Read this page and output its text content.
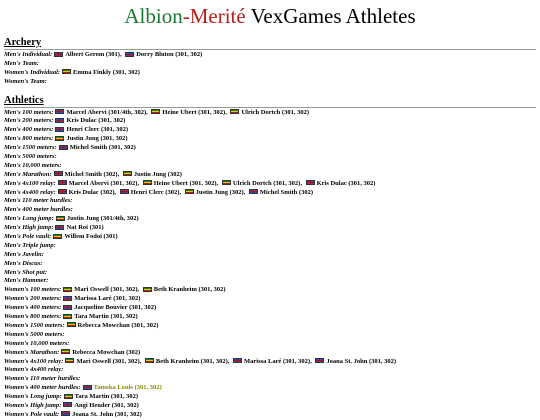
Albion-Merité VexGames Athletes
Archery
Men's Individual: Albert Gerom (301), Dorry Bluton (301, 302)
Men's Team:
Women's Individual: Emma Finkly (301, 302)
Women's Team:
Athletics
Men's 100 meters: Marcel Abervi (301/4th, 302), Heine Ubert (301, 302), Ulrich Dortch (301, 302)
Men's 200 meters: Kris Dulac (301, 302)
Men's 400 meters: Henri Clerc (301, 302)
Men's 800 meters: Justin Jung (301, 302)
Men's 1500 meters: Michel Smith (301, 302)
Men's 5000 meters:
Men's 10,000 meters:
Men's Marathon: Michel Smith (302), Justin Jung (302)
Men's 4x100 relay: Marcel Abervi (301, 302), Heine Ubert (301, 302), Ulrich Dortch (301, 302), Kris Dulac (301, 302)
Men's 4x400 relay: Kris Dulac (302), Henri Clerc (302), Justin Jung (302), Michel Smith (302)
Men's 110 meter hurdles:
Men's 400 meter hurdles:
Men's Long jump: Justin Jung (301/4th, 302)
Men's High jump: Nat Roi (301)
Men's Pole vault: Willem Fodoi (301)
Men's Triple jump:
Men's Javelin:
Men's Discus:
Men's Shot put:
Men's Hammer:
Women's 100 meters: Mari Oswell (301, 302), Beth Kranheim (301, 302)
Women's 200 meters: Marissa Laré (301, 302)
Women's 400 meters: Jacqueline Bouvier (301, 302)
Women's 800 meters: Tara Martin (301, 302)
Women's 1500 meters: Rebecca Mowchan (301, 302)
Women's 5000 meters:
Women's 10,000 meters:
Women's Marathon: Rebecca Mowchan (302)
Women's 4x100 relay: Mari Oswell (301, 302), Beth Kranheim (301, 302), Marissa Laré (301, 302), Joana St. John (301, 302)
Women's 4x400 relay:
Women's 110 meter hurdles:
Women's 400 meter hurdles: Tameka Louis (301, 302)
Women's Long jump: Tara Martin (301, 302)
Women's High jump: Angi Hender (301, 302)
Women's Pole vault: Joana St. John (301, 302)
